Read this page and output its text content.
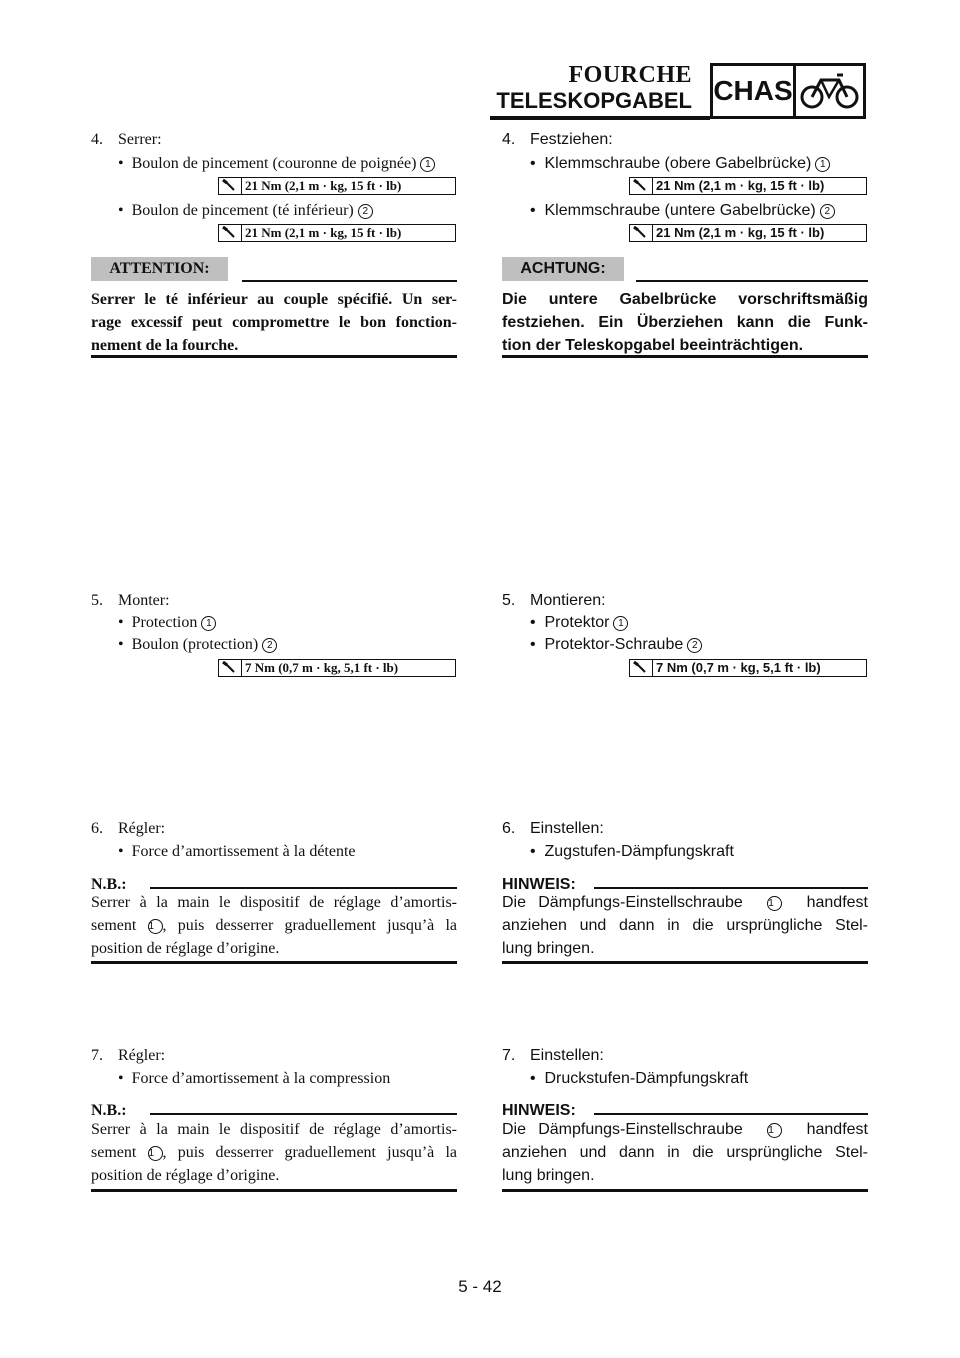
FOURCHE
TELESKOPGABEL CHAS
4. Serrer:
•  Boulon de pincement (couronne de poignée) 1
21 Nm (2,1 m · kg, 15 ft · lb)
•  Boulon de pincement (té inférieur) 2
21 Nm (2,1 m · kg, 15 ft · lb)
ATTENTION:
Serrer le té inférieur au couple spécifié. Un ser-
rage excessif peut compromettre le bon fonction-
nement de la fourche.
5. Monter:
•  Protection 1
•  Boulon (protection) 2
7 Nm (0,7 m · kg, 5,1 ft · lb)
6. Régler:
•  Force d’amortissement à la détente
N.B.:
Serrer à la main le dispositif de réglage d’amortis-
sement 1 , puis desserrer graduellement jusqu’à la
position de réglage d’origine.
7. Régler:
•  Force d’amortissement à la compression
N.B.:
Serrer à la main le dispositif de réglage d’amortis-
sement 1 , puis desserrer graduellement jusqu’à la
position de réglage d’origine.
4. Festziehen:
•  Klemmschraube (obere Gabelbrücke) 1
21 Nm (2,1 m · kg, 15 ft · lb)
•  Klemmschraube (untere Gabelbrücke) 2
21 Nm (2,1 m · kg, 15 ft · lb)
ACHTUNG:
Die untere Gabelbrücke vorschriftsmäßig
festziehen. Ein Überziehen kann die Funk-
tion der Teleskopgabel beeinträchtigen.
5. Montieren:
•  Protektor 1
•  Protektor-Schraube 2
7 Nm (0,7 m · kg, 5,1 ft · lb)
6. Einstellen:
•  Zugstufen-Dämpfungskraft
HINWEIS:
Die Dämpfungs-Einstellschraube	1 handfest
anziehen und dann in die ursprüngliche Stel-
lung bringen.
7. Einstellen:
•  Druckstufen-Dämpfungskraft
HINWEIS:
Die Dämpfungs-Einstellschraube	1 handfest
anziehen und dann in die ursprüngliche Stel-
lung bringen.
5 - 42
